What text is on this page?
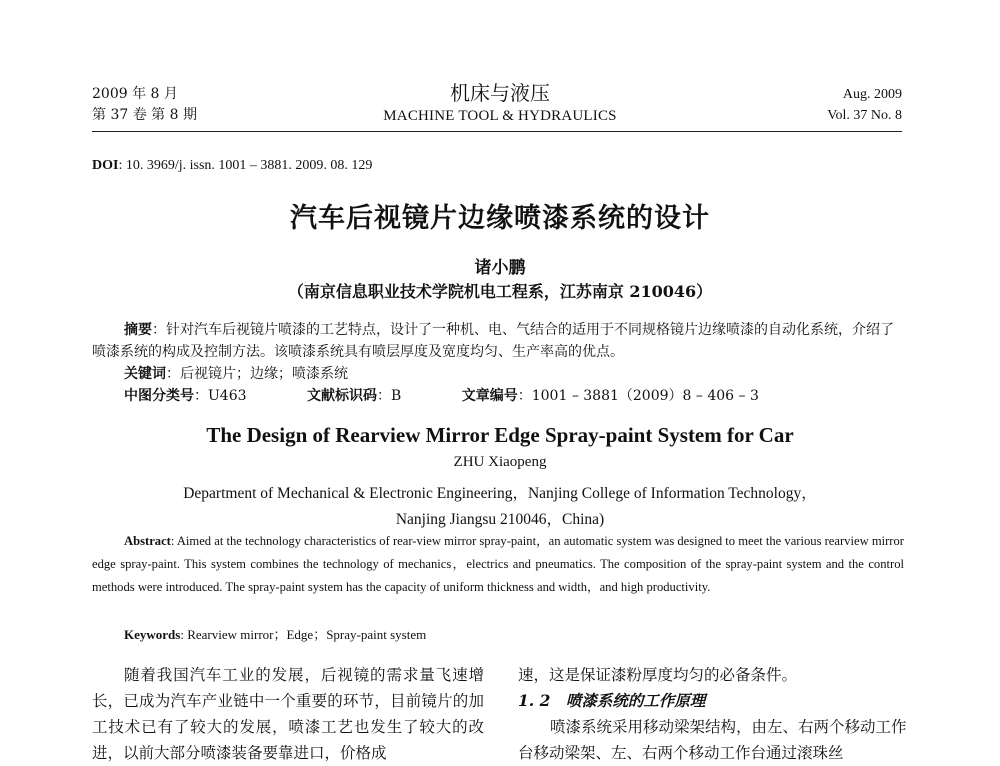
2009 年 8 月
第 37 卷 第 8 期
机床与液压
MACHINE TOOL & HYDRAULICS
Aug. 2009
Vol. 37 No. 8
DOI: 10. 3969/j. issn. 1001 – 3881. 2009. 08. 129
汽车后视镜片边缘喷漆系统的设计
诸小鹏
（南京信息职业技术学院机电工程系，江苏南京 210046）
摘要：针对汽车后视镜片喷漆的工艺特点，设计了一种机、电、气结合的适用于不同规格镜片边缘喷漆的自动化系统，介绍了喷漆系统的构成及控制方法。该喷漆系统具有喷层厚度及宽度均匀、生产率高的优点。
关键词：后视镜片；边缘；喷漆系统
中图分类号：U463	文献标识码：B	文章编号：1001 – 3881（2009）8 – 406 – 3
The Design of Rearview Mirror Edge Spray-paint System for Car
ZHU Xiaopeng
Department of Mechanical & Electronic Engineering，Nanjing College of Information Technology，
Nanjing Jiangsu 210046，China)
Abstract: Aimed at the technology characteristics of rear-view mirror spray-paint，an automatic system was designed to meet the various rearview mirror edge spray-paint. This system combines the technology of mechanics，electrics and pneumatics. The composition of the spray-paint system and the control methods were introduced. The spray-paint system has the capacity of uniform thickness and width，and high productivity.
Keywords: Rearview mirror；Edge；Spray-paint system
随着我国汽车工业的发展，后视镜的需求量飞速增长，已成为汽车产业链中一个重要的环节，目前镜片的加工技术已有了较大的发展，喷漆工艺也发生了较大的改进，以前大部分喷漆装备要靠进口，价格成

速，这是保证漆粉厚度均匀的必备条件。

1. 2　喷漆系统的工作原理

喷漆系统采用移动梁架结构，由左、右两个移动工作台移动梁架、左、右两个移动工作台通过滚珠丝
